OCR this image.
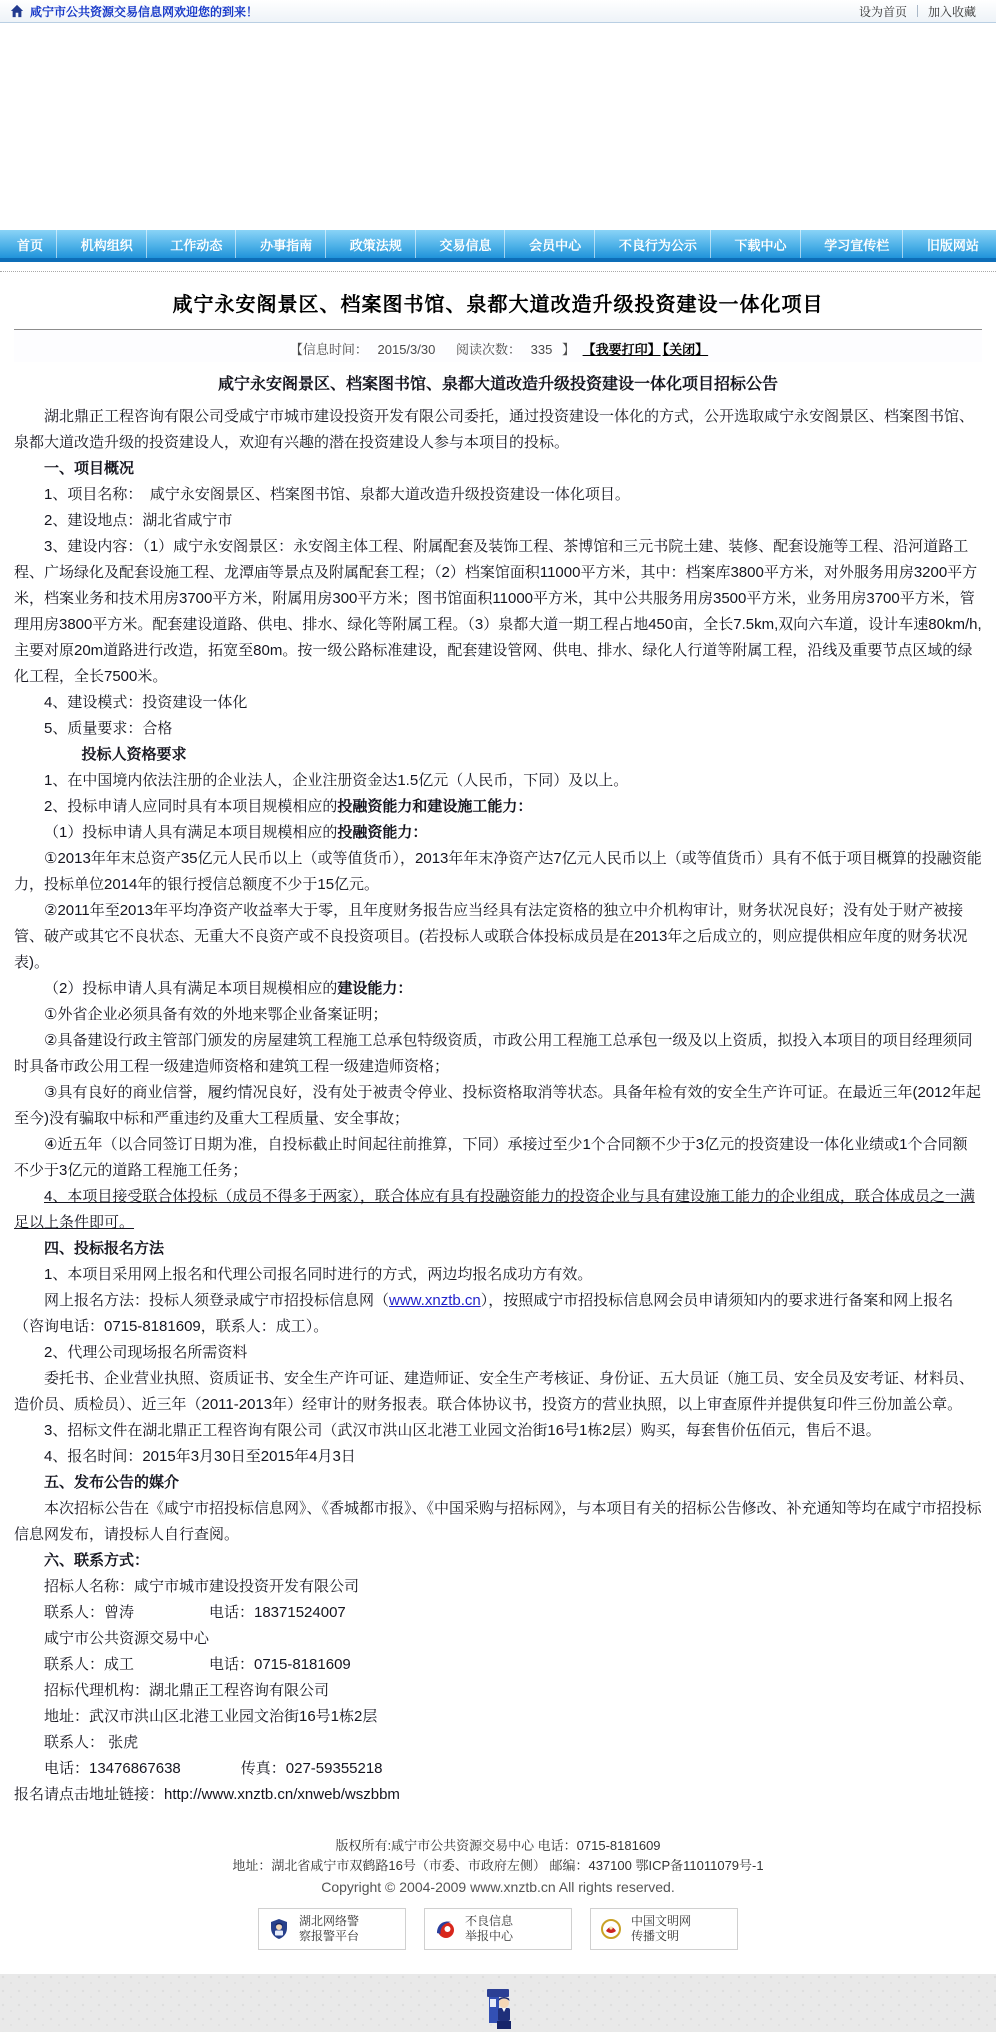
咸宁市公共资源交易信息网欢迎您的到来！	设为首页	加入收藏
首页	机构组织	工作动态	办事指南	政策法规	交易信息	会员中心	不良行为公示	下载中心	学习宣传栏	旧版网站
咸宁永安阁景区、档案图书馆、泉都大道改造升级投资建设一体化项目
【信息时间： 2015/3/30 阅读次数： 335 】 【我要打印】 【关闭】
咸宁永安阁景区、档案图书馆、泉都大道改造升级投资建设一体化项目招标公告

湖北鼎正工程咨询有限公司受咸宁市城市建设投资开发有限公司委托，通过投资建设一体化的方式，公开选取咸宁永安阁景区、档案图书馆、泉都大道改造升级的投资建设人，欢迎有兴趣的潜在投资建设人参与本项目的投标。

一、项目概况

1、项目名称：　咸宁永安阁景区、档案图书馆、泉都大道改造升级投资建设一体化项目。

2、建设地点：湖北省咸宁市

3、建设内容：（1）咸宁永安阁景区：永安阁主体工程、附属配套及装饰工程、茶博馆和三元书院土建、装修、配套设施等工程、沿河道路工程、广场绿化及配套设施工程、龙潭庙等景点及附属配套工程；（2）档案馆面积11000平方米，其中：档案库3800平方米，对外服务用房3200平方米，档案业务和技术用房3700平方米，附属用房300平方米；图书馆面积11000平方米，其中公共服务用房3500平方米，业务用房3700平方米，管理用房3800平方米。配套建设道路、供电、排水、绿化等附属工程。（3）泉都大道一期工程占地450亩，全长7.5km,双向六车道，设计车速80km/h,主要对原20m道路进行改造，拓宽至80m。按一级公路标准建设，配套建设管网、供电、排水、绿化人行道等附属工程，沿线及重要节点区域的绿化工程，全长7500米。

4、建设模式：投资建设一体化

5、质量要求：合格

投标人资格要求

1、在中国境内依法注册的企业法人，企业注册资金达1.5亿元（人民币，下同）及以上。

2、投标申请人应同时具有本项目规模相应的投融资能力和建设施工能力：

（1）投标申请人具有满足本项目规模相应的投融资能力：

①2013年年末总资产35亿元人民币以上（或等值货币），2013年年末净资产达7亿元人民币以上（或等值货币）具有不低于项目概算的投融资能力，投标单位2014年的银行授信总额度不少于15亿元。

②2011年至2013年平均净资产收益率大于零，且年度财务报告应当经具有法定资格的独立中介机构审计，财务状况良好；没有处于财产被接管、破产或其它不良状态、无重大不良资产或不良投资项目。(若投标人或联合体投标成员是在2013年之后成立的，则应提供相应年度的财务状况表)。

（2）投标申请人具有满足本项目规模相应的建设能力：

①外省企业必须具备有效的外地来鄂企业备案证明；

②具备建设行政主管部门颁发的房屋建筑工程施工总承包特级资质，市政公用工程施工总承包一级及以上资质，拟投入本项目的项目经理须同时具备市政公用工程一级建造师资格和建筑工程一级建造师资格；

③具有良好的商业信誉，履约情况良好，没有处于被责令停业、投标资格取消等状态。具备年检有效的安全生产许可证。在最近三年(2012年起至今)没有骗取中标和严重违约及重大工程质量、安全事故；

④近五年（以合同签订日期为准，自投标截止时间起往前推算，下同）承接过至少1个合同额不少于3亿元的投资建设一体化业绩或1个合同额不少于3亿元的道路工程施工任务；

4、本项目接受联合体投标（成员不得多于两家），联合体应有具有投融资能力的投资企业与具有建设施工能力的企业组成，联合体成员之一满足以上条件即可。

四、投标报名方法

1、本项目采用网上报名和代理公司报名同时进行的方式，两边均报名成功方有效。

网上报名方法：投标人须登录咸宁市招投标信息网（www.xnztb.cn），按照咸宁市招投标信息网会员申请须知内的要求进行备案和网上报名（咨询电话：0715-8181609，联系人：成工）。

2、代理公司现场报名所需资料

委托书、企业营业执照、资质证书、安全生产许可证、建造师证、安全生产考核证、身份证、五大员证（施工员、安全员及安考证、材料员、造价员、质检员）、近三年（2011-2013年）经审计的财务报表。联合体协议书，投资方的营业执照，以上审查原件并提供复印件三份加盖公章。

3、招标文件在湖北鼎正工程咨询有限公司（武汉市洪山区北港工业园文治街16号1栋2层）购买，每套售价伍佰元，售后不退。

4、报名时间：2015年3月30日至2015年4月3日

五、发布公告的媒介

本次招标公告在《咸宁市招投标信息网》、《香城都市报》、《中国采购与招标网》，与本项目有关的招标公告修改、补充通知等均在咸宁市招投标信息网发布，请投标人自行查阅。

六、联系方式：

招标人名称：咸宁市城市建设投资开发有限公司

联系人：曾涛　　　　　电话：18371524007

咸宁市公共资源交易中心

联系人：成工　　　　　电话：0715-8181609

招标代理机构：湖北鼎正工程咨询有限公司

地址：武汉市洪山区北港工业园文治街16号1栋2层

联系人： 张虎

电话：13476867638　　　　传真：027-59355218

报名请点击地址链接：http://www.xnztb.cn/xnweb/wszbbm

版权所有:咸宁市公共资源交易中心 电话：0715-8181609

地址：湖北省咸宁市双鹤路16号（市委、市政府左侧） 邮编：437100 鄂ICP备11011079号-1

Copyright © 2004-2009 www.xnztb.cn All rights reserved.

湖北网络警
察报警平台
不良信息
举报中心
中国文明网
传播文明
